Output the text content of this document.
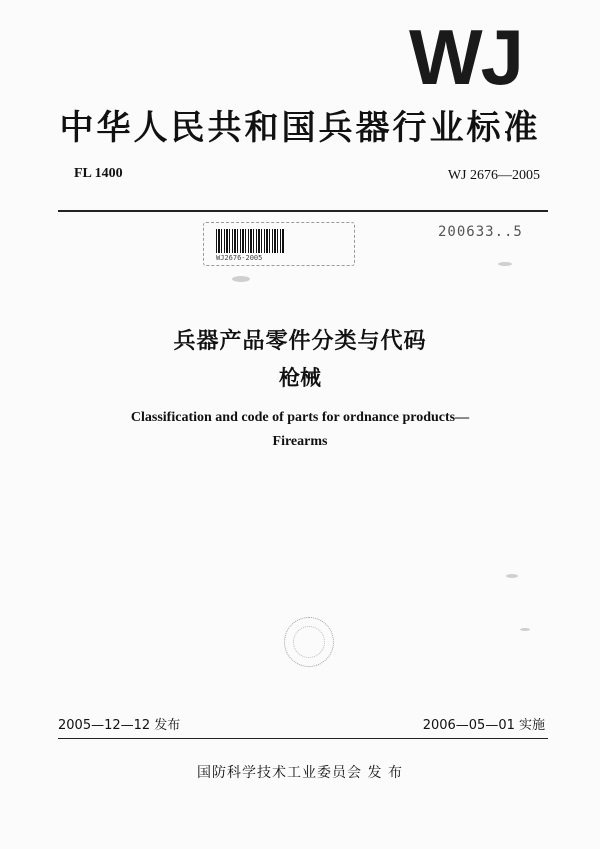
WJ
中华人民共和国兵器行业标准
FL 1400	WJ 2676—2005
WJ2676-2005
200633..5
兵器产品零件分类与代码
枪械
Classification and code of parts for ordnance products—
Firearms
2005—12—12 发布	2006—05—01 实施
国防科学技术工业委员会 发 布
